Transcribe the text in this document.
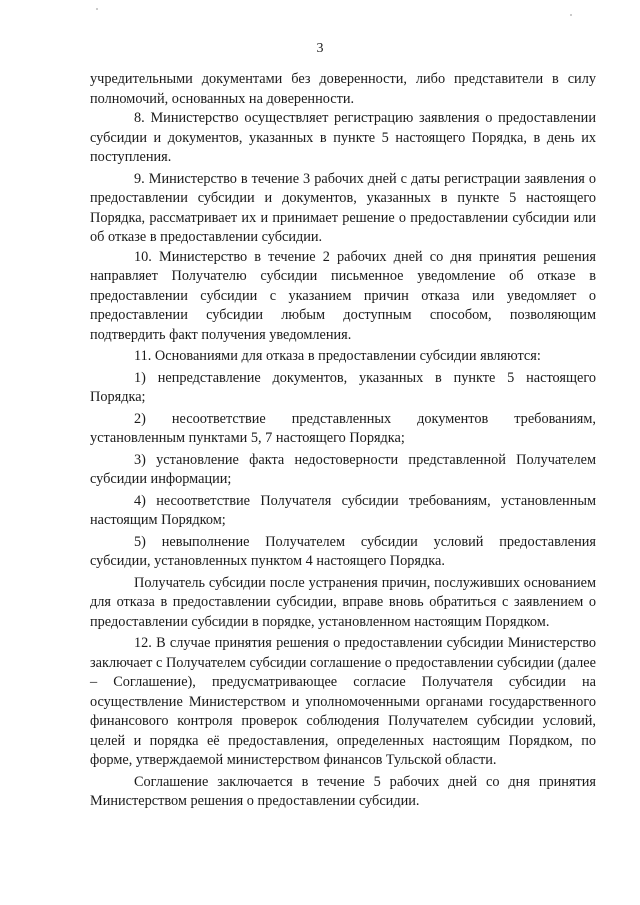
3

учредительными документами без доверенности, либо представители в силу полномочий, основанных на доверенности.

8. Министерство осуществляет регистрацию заявления о предоставлении субсидии и документов, указанных в пункте 5 настоящего Порядка, в день их поступления.

9. Министерство в течение 3 рабочих дней с даты регистрации заявления о предоставлении субсидии и документов, указанных в пункте 5 настоящего Порядка, рассматривает их и принимает решение о предоставлении субсидии или об отказе в предоставлении субсидии.

10. Министерство в течение 2 рабочих дней со дня принятия решения направляет Получателю субсидии письменное уведомление об отказе в предоставлении субсидии с указанием причин отказа или уведомляет о предоставлении субсидии любым доступным способом, позволяющим подтвердить факт получения уведомления.

11. Основаниями для отказа в предоставлении субсидии являются:

1) непредставление документов, указанных в пункте 5 настоящего Порядка;

2) несоответствие представленных документов требованиям, установленным пунктами 5, 7 настоящего Порядка;

3) установление факта недостоверности представленной Получателем субсидии информации;

4) несоответствие Получателя субсидии требованиям, установленным настоящим Порядком;

5) невыполнение Получателем субсидии условий предоставления субсидии, установленных пунктом 4 настоящего Порядка.

Получатель субсидии после устранения причин, послуживших основанием для отказа в предоставлении субсидии, вправе вновь обратиться с заявлением о предоставлении субсидии в порядке, установленном настоящим Порядком.

12. В случае принятия решения о предоставлении субсидии Министерство заключает с Получателем субсидии соглашение о предоставлении субсидии (далее – Соглашение), предусматривающее согласие Получателя субсидии на осуществление Министерством и уполномоченными органами государственного финансового контроля проверок соблюдения Получателем субсидии условий, целей и порядка её предоставления, определенных настоящим Порядком, по форме, утверждаемой министерством финансов Тульской области.

Соглашение заключается в течение 5 рабочих дней со дня принятия Министерством решения о предоставлении субсидии.
